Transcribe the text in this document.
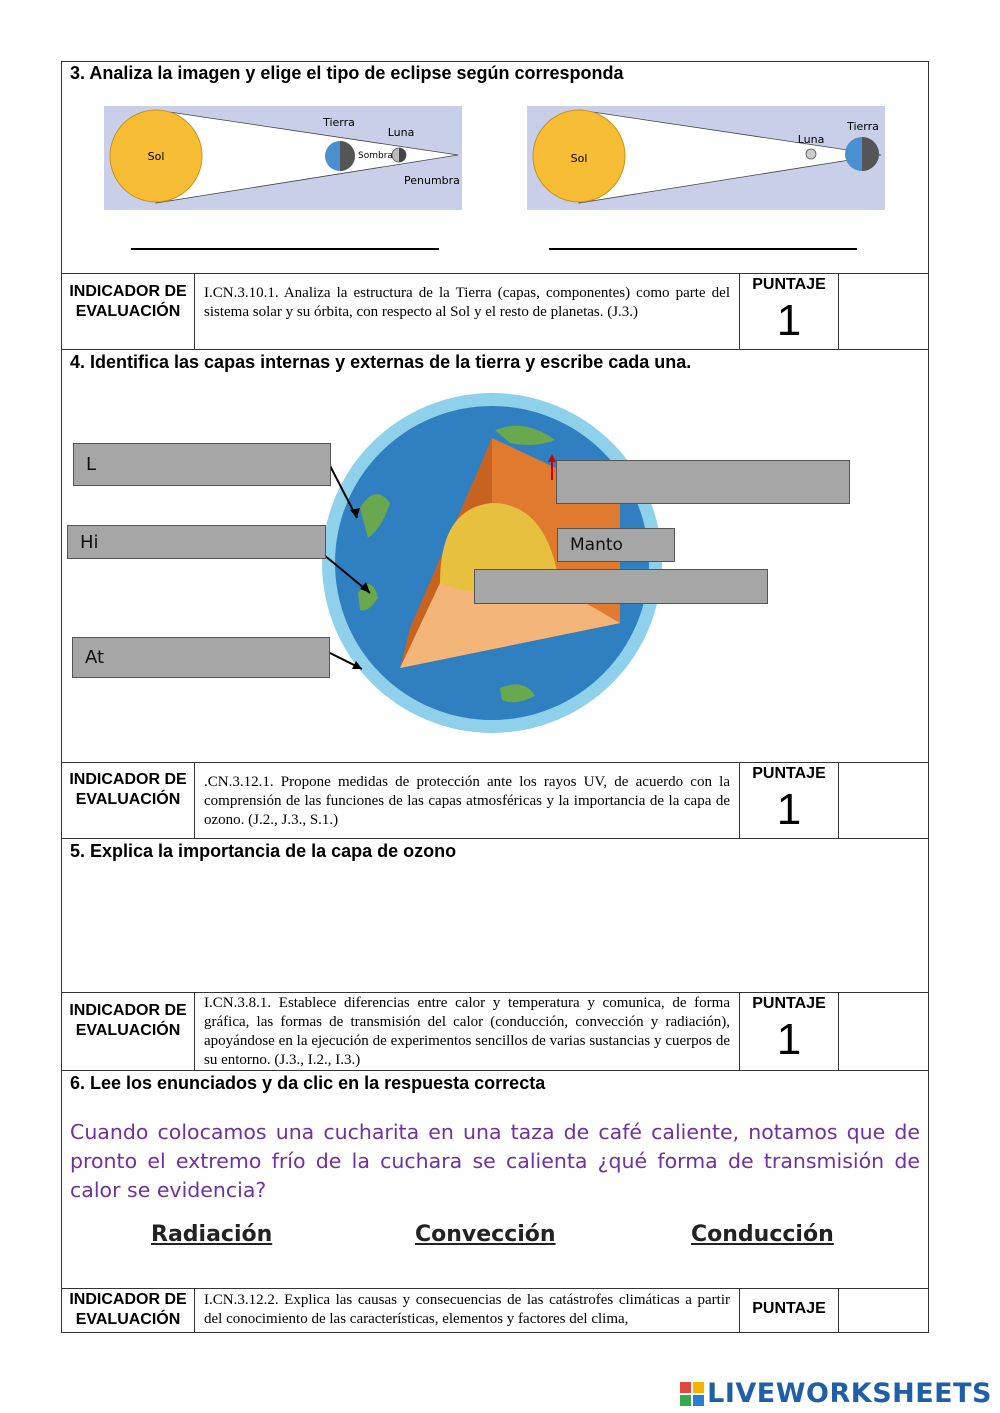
3. Analiza la imagen y elige el tipo de eclipse según corresponda
Sol
Tierra
Luna
Sombra
Penumbra
Sol
Luna
Tierra
INDICADOR DE
EVALUACIÓN
I.CN.3.10.1. Analiza la estructura de la Tierra (capas, componentes) como parte del sistema solar y su órbita, con respecto al Sol y el resto de planetas. (J.3.)
PUNTAJE
1
4. Identifica las capas internas y externas de la tierra y escribe cada una.
L
Hi
At
Manto
INDICADOR DE
EVALUACIÓN
.CN.3.12.1. Propone medidas de protección ante los rayos UV, de acuerdo con la comprensión de las funciones de las capas atmosféricas y la importancia de la capa de ozono. (J.2., J.3., S.1.)
PUNTAJE
1
5. Explica la importancia de la capa de ozono
INDICADOR DE
EVALUACIÓN
I.CN.3.8.1. Establece diferencias entre calor y temperatura y comunica, de forma gráfica, las formas de transmisión del calor (conducción, convección y radiación), apoyándose en la ejecución de experimentos sencillos de varias sustancias y cuerpos de su entorno. (J.3., I.2., I.3.)
PUNTAJE
1
6. Lee los enunciados y da clic en la respuesta correcta
Cuando colocamos una cucharita en una taza de café caliente, notamos que de pronto el extremo frío de la cuchara se calienta ¿qué forma de transmisión de calor se evidencia?
Radiación	Convección	Conducción
INDICADOR DE
EVALUACIÓN
I.CN.3.12.2. Explica las causas y consecuencias de las catástrofes climáticas a partir del conocimiento de las características, elementos y factores del clima,
PUNTAJE
LIVEWORKSHEETS
